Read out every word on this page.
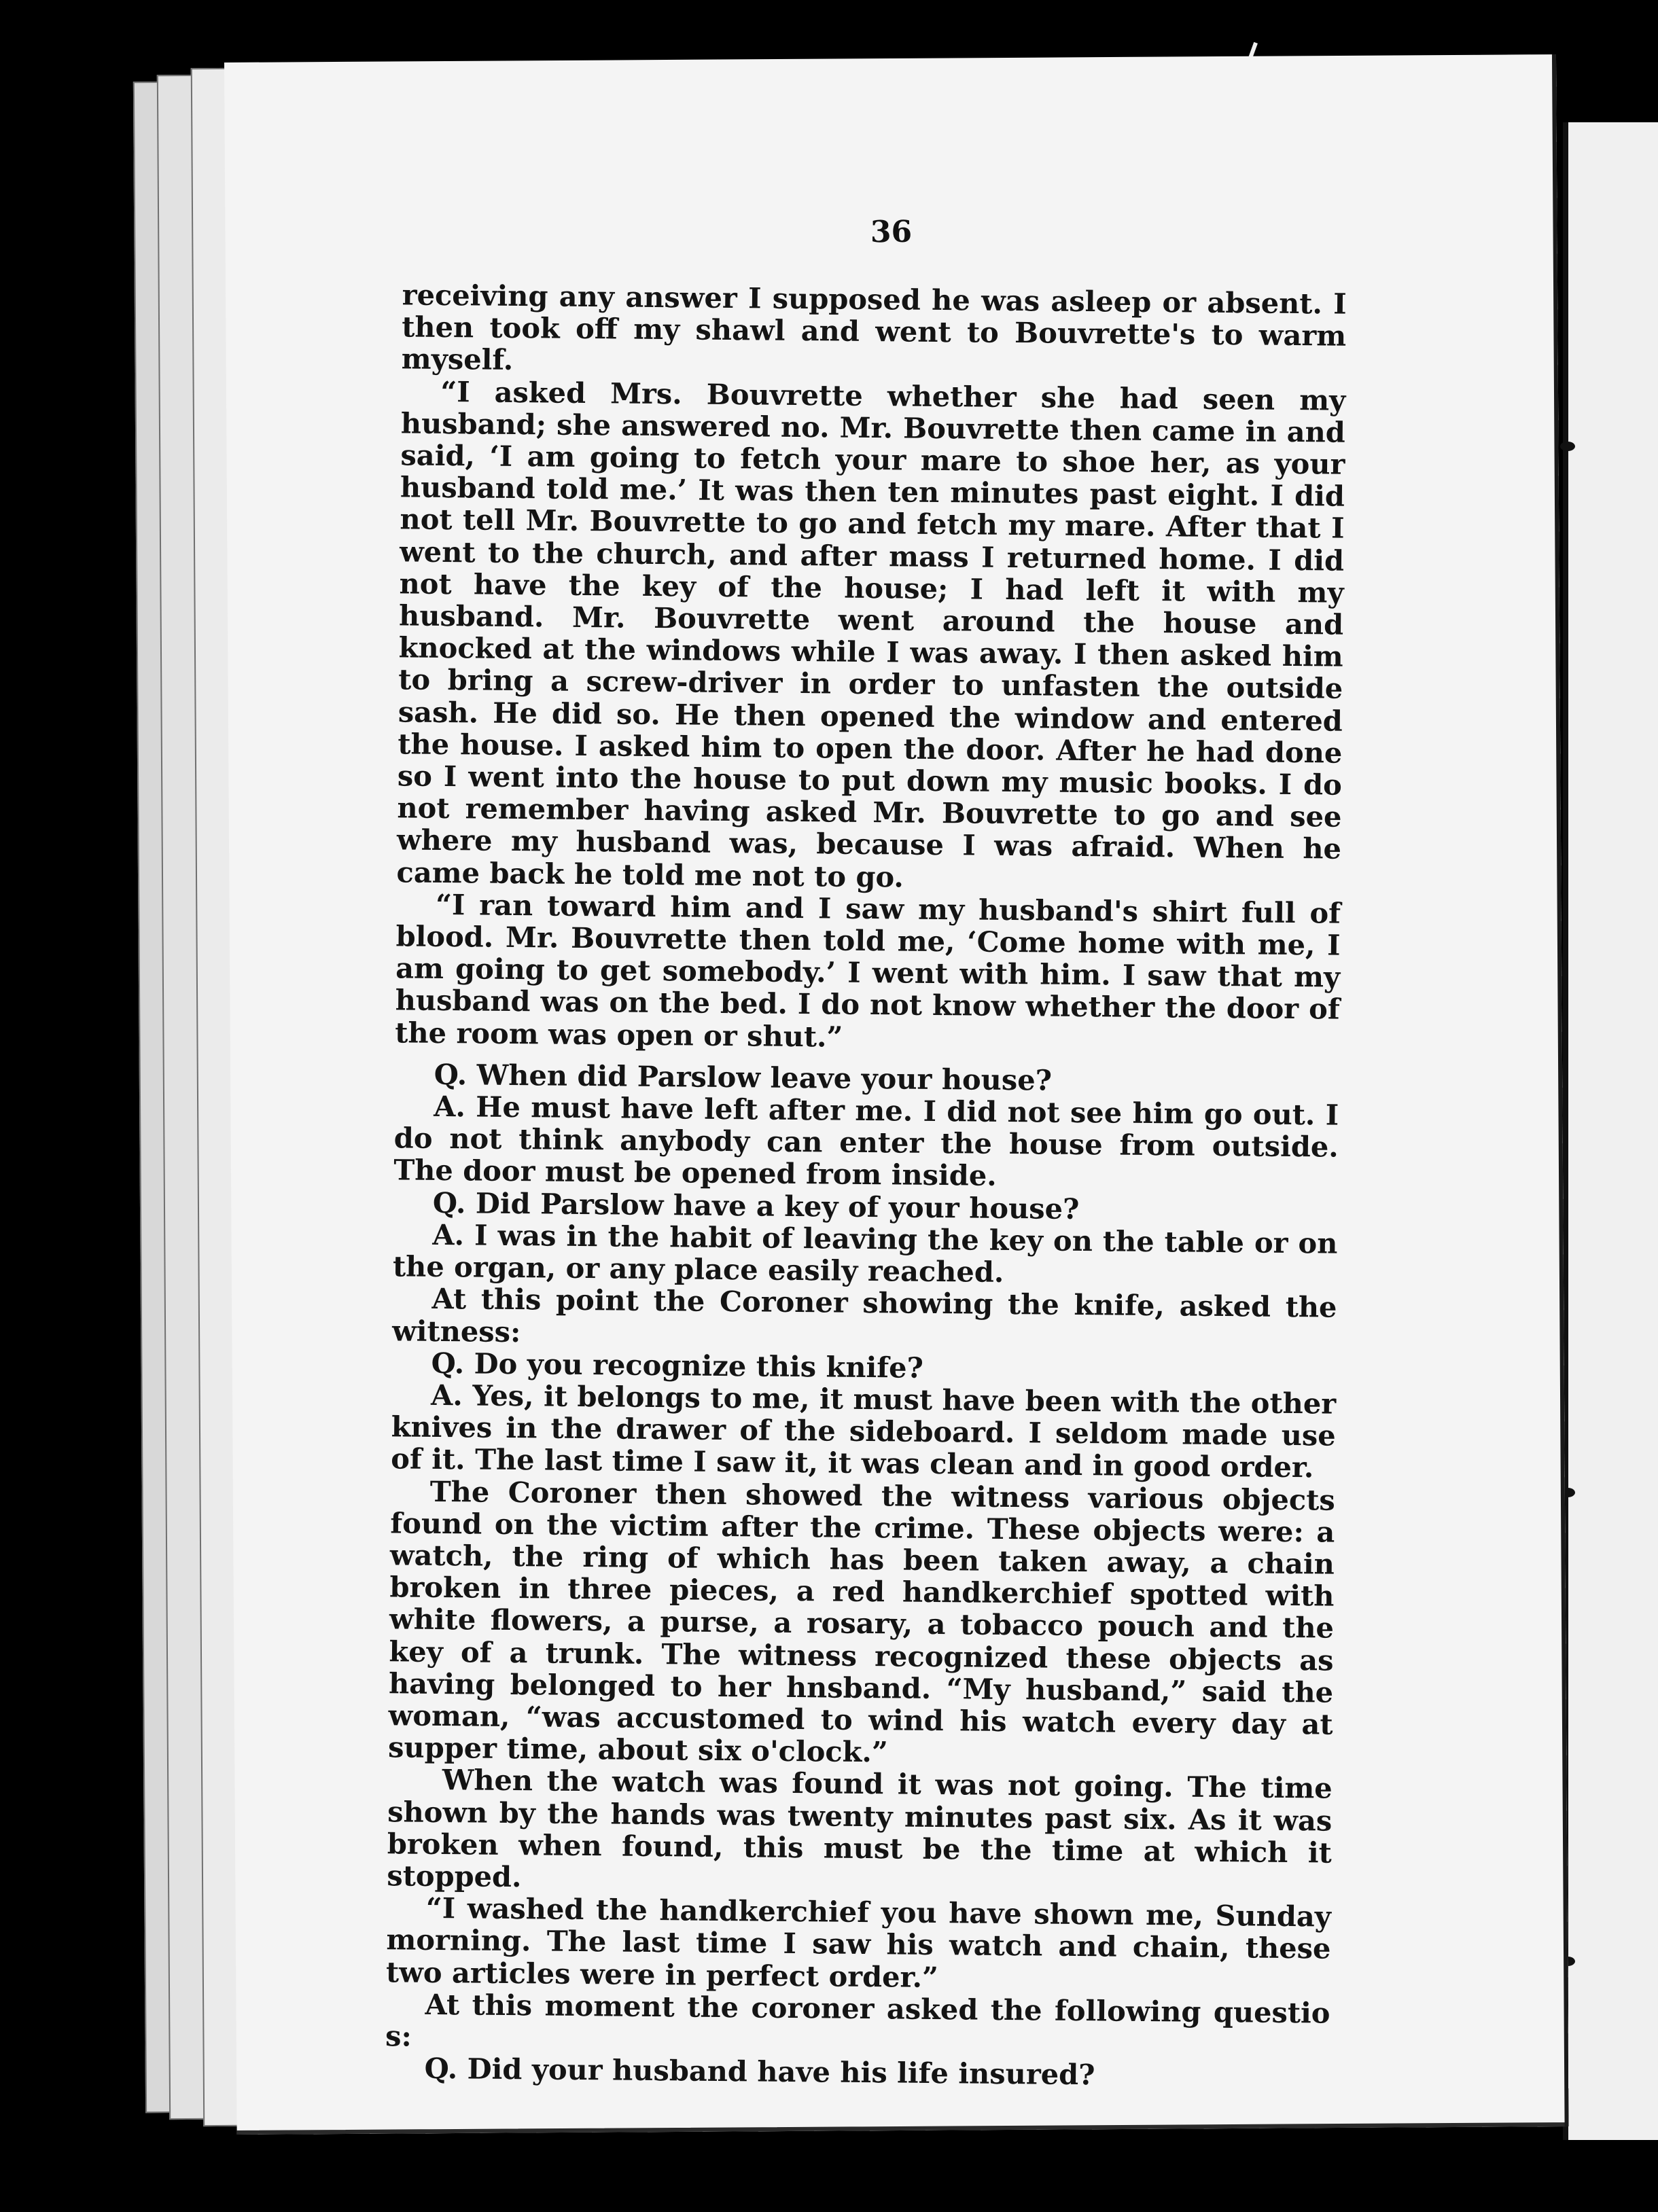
36

receiving any answer I supposed he was asleep or absent. I then took off my shawl and went to Bouvrette's to warm myself.

“I asked Mrs. Bouvrette whether she had seen my husband; she answered no. Mr. Bouvrette then came in and said, ‘I am going to fetch your mare to shoe her, as your husband told me.’ It was then ten minutes past eight. I did not tell Mr. Bouvrette to go and fetch my mare. After that I went to the church, and after mass I returned home. I did not have the key of the house; I had left it with my husband. Mr. Bouvrette went around the house and knocked at the windows while I was away. I then asked him to bring a screw-driver in order to unfasten the outside sash. He did so. He then opened the window and entered the house. I asked him to open the door. After he had done so I went into the house to put down my music books. I do not remember having asked Mr. Bouvrette to go and see where my husband was, because I was afraid. When he came back he told me not to go.

“I ran toward him and I saw my husband's shirt full of blood. Mr. Bouvrette then told me, ‘Come home with me, I am going to get somebody.’ I went with him. I saw that my husband was on the bed. I do not know whether the door of the room was open or shut.”

Q. When did Parslow leave your house?

A. He must have left after me. I did not see him go out. I do not think anybody can enter the house from outside. The door must be opened from inside.

Q. Did Parslow have a key of your house?

A. I was in the habit of leaving the key on the table or on the organ, or any place easily reached.

At this point the Coroner showing the knife, asked the witness:

Q. Do you recognize this knife?

A. Yes, it belongs to me, it must have been with the other knives in the drawer of the sideboard. I seldom made use of it. The last time I saw it, it was clean and in good order.

The Coroner then showed the witness various objects found on the victim after the crime. These objects were: a watch, the ring of which has been taken away, a chain broken in three pieces, a red handkerchief spotted with white flowers, a purse, a rosary, a tobacco pouch and the key of a trunk. The witness recognized these objects as having belonged to her hnsband. “My husband,” said the woman, “was accustomed to wind his watch every day at supper time, about six o'clock.”

When the watch was found it was not going. The time shown by the hands was twenty minutes past six. As it was broken when found, this must be the time at which it stopped.

“I washed the handkerchief you have shown me, Sunday morning. The last time I saw his watch and chain, these two articles were in perfect order.”

At this moment the coroner asked the following questio s:

Q. Did your husband have his life insured?
